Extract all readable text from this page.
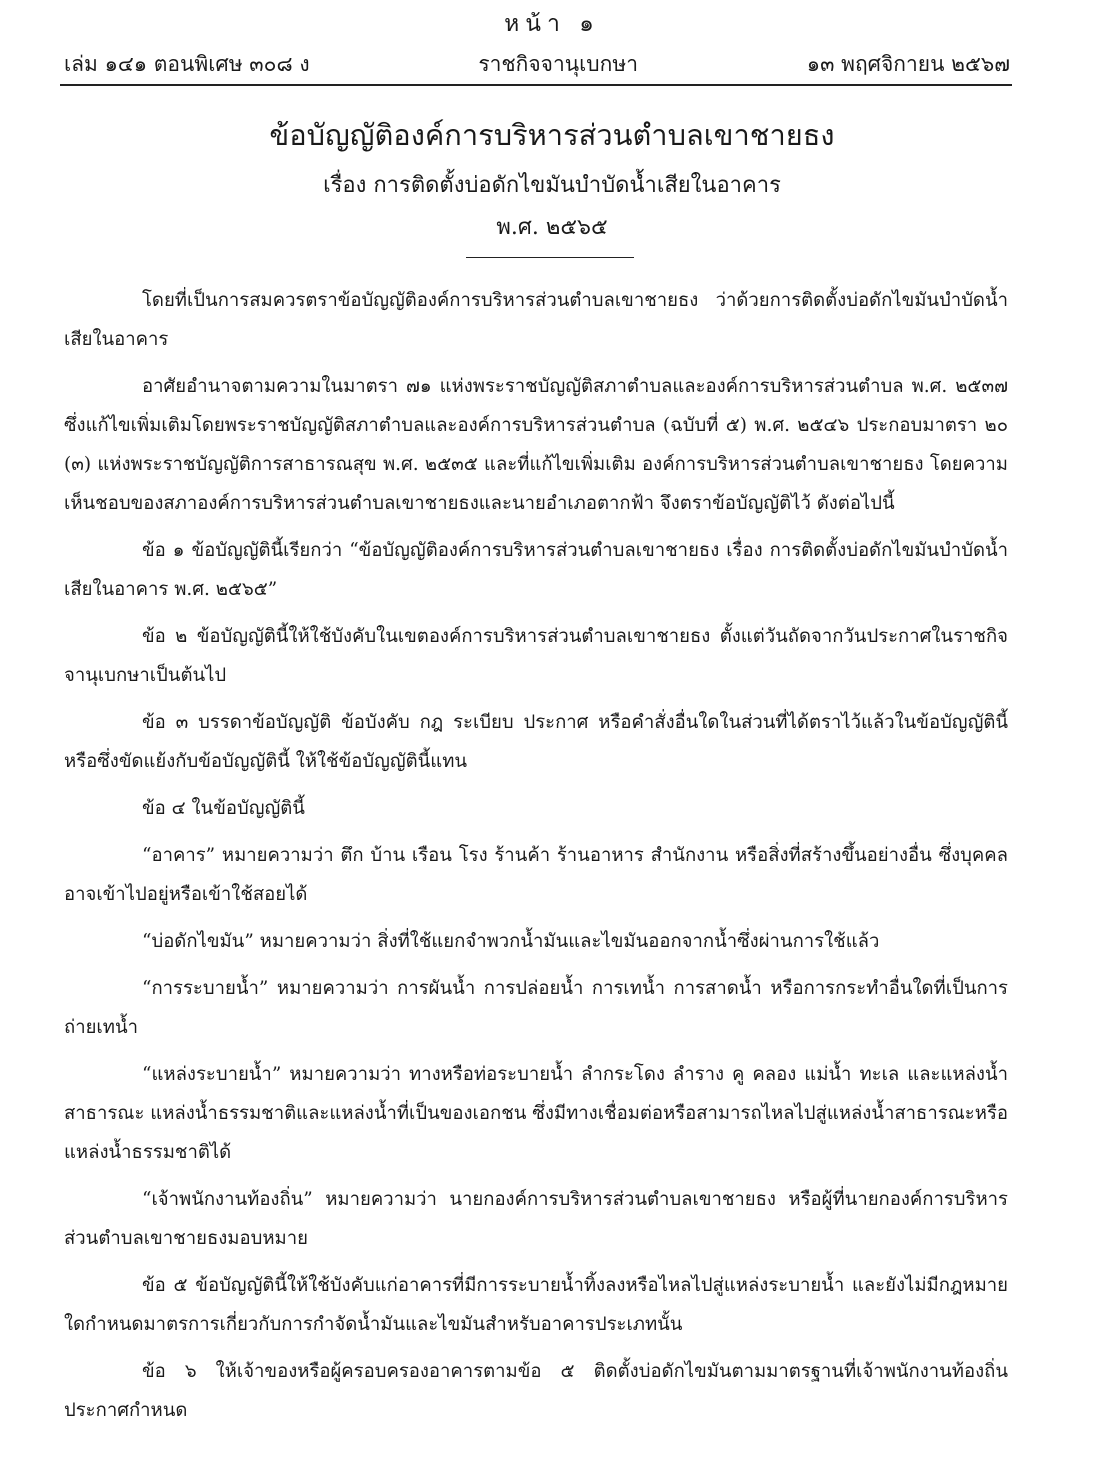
หน้า ๑
เล่ม ๑๔๑ ตอนพิเศษ ๓๐๘ ง	ราชกิจจานุเบกษา	๑๓ พฤศจิกายน ๒๕๖๗
ข้อบัญญัติองค์การบริหารส่วนตำบลเขาชายธง
เรื่อง การติดตั้งบ่อดักไขมันบำบัดน้ำเสียในอาคาร
พ.ศ. ๒๕๖๕

โดยที่เป็นการสมควรตราข้อบัญญัติองค์การบริหารส่วนตำบลเขาชายธง ว่าด้วยการติดตั้งบ่อดักไขมันบำบัดน้ำเสียในอาคาร

อาศัยอำนาจตามความในมาตรา ๗๑ แห่งพระราชบัญญัติสภาตำบลและองค์การบริหารส่วนตำบล พ.ศ. ๒๕๓๗ ซึ่งแก้ไขเพิ่มเติมโดยพระราชบัญญัติสภาตำบลและองค์การบริหารส่วนตำบล (ฉบับที่ ๕) พ.ศ. ๒๕๔๖ ประกอบมาตรา ๒๐ (๓) แห่งพระราชบัญญัติการสาธารณสุข พ.ศ. ๒๕๓๕ และที่แก้ไขเพิ่มเติม องค์การบริหารส่วนตำบลเขาชายธง โดยความเห็นชอบของสภาองค์การบริหารส่วนตำบลเขาชายธงและนายอำเภอตากฟ้า จึงตราข้อบัญญัติไว้ ดังต่อไปนี้

ข้อ ๑ ข้อบัญญัตินี้เรียกว่า “ข้อบัญญัติองค์การบริหารส่วนตำบลเขาชายธง เรื่อง การติดตั้งบ่อดักไขมันบำบัดน้ำเสียในอาคาร พ.ศ. ๒๕๖๕”

ข้อ ๒ ข้อบัญญัตินี้ให้ใช้บังคับในเขตองค์การบริหารส่วนตำบลเขาชายธง ตั้งแต่วันถัดจากวันประกาศในราชกิจจานุเบกษาเป็นต้นไป

ข้อ ๓ บรรดาข้อบัญญัติ ข้อบังคับ กฎ ระเบียบ ประกาศ หรือคำสั่งอื่นใดในส่วนที่ได้ตราไว้แล้วในข้อบัญญัตินี้หรือซึ่งขัดแย้งกับข้อบัญญัตินี้ ให้ใช้ข้อบัญญัตินี้แทน

ข้อ ๔ ในข้อบัญญัตินี้

“อาคาร” หมายความว่า ตึก บ้าน เรือน โรง ร้านค้า ร้านอาหาร สำนักงาน หรือสิ่งที่สร้างขึ้นอย่างอื่น ซึ่งบุคคลอาจเข้าไปอยู่หรือเข้าใช้สอยได้

“บ่อดักไขมัน” หมายความว่า สิ่งที่ใช้แยกจำพวกน้ำมันและไขมันออกจากน้ำซึ่งผ่านการใช้แล้ว

“การระบายน้ำ” หมายความว่า การผันน้ำ การปล่อยน้ำ การเทน้ำ การสาดน้ำ หรือการกระทำอื่นใดที่เป็นการถ่ายเทน้ำ

“แหล่งระบายน้ำ” หมายความว่า ทางหรือท่อระบายน้ำ ลำกระโดง ลำราง คู คลอง แม่น้ำ ทะเล และแหล่งน้ำสาธารณะ แหล่งน้ำธรรมชาติและแหล่งน้ำที่เป็นของเอกชน ซึ่งมีทางเชื่อมต่อหรือสามารถไหลไปสู่แหล่งน้ำสาธารณะหรือแหล่งน้ำธรรมชาติได้

“เจ้าพนักงานท้องถิ่น” หมายความว่า นายกองค์การบริหารส่วนตำบลเขาชายธง หรือผู้ที่นายกองค์การบริหารส่วนตำบลเขาชายธงมอบหมาย

ข้อ ๕ ข้อบัญญัตินี้ให้ใช้บังคับแก่อาคารที่มีการระบายน้ำทิ้งลงหรือไหลไปสู่แหล่งระบายน้ำ และยังไม่มีกฎหมายใดกำหนดมาตรการเกี่ยวกับการกำจัดน้ำมันและไขมันสำหรับอาคารประเภทนั้น

ข้อ ๖ ให้เจ้าของหรือผู้ครอบครองอาคารตามข้อ ๕ ติดตั้งบ่อดักไขมันตามมาตรฐานที่เจ้าพนักงานท้องถิ่นประกาศกำหนด
